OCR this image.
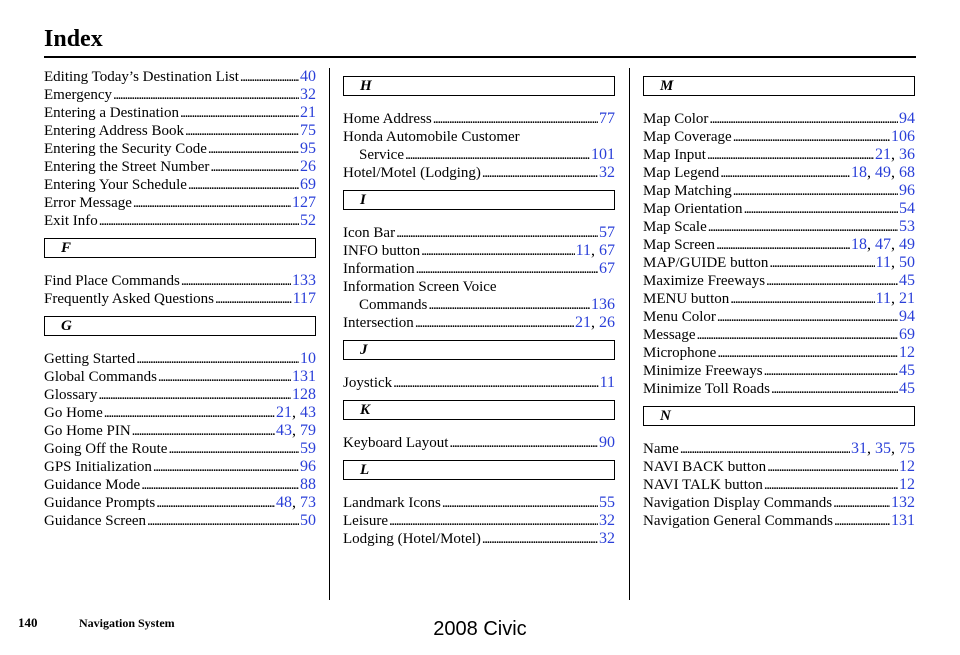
Index
Editing Today’s Destination List . . .	40
Emergency . . .	32
Entering a Destination . . .	21
Entering Address Book . . .	75
Entering the Security Code . . .	95
Entering the Street Number . . .	26
Entering Your Schedule . . .	69
Error Message . . .	127
Exit Info . . .	52
F
Find Place Commands . . .	133
Frequently Asked Questions . . .	117
G
Getting Started . . .	10
Global Commands . . .	131
Glossary . . .	128
Go Home . . .	21, 43
Go Home PIN . . .	43, 79
Going Off the Route . . .	59
GPS Initialization . . .	96
Guidance Mode . . .	88
Guidance Prompts . . .	48, 73
Guidance Screen . . .	50
H
Home Address . . .	77
Honda Automobile Customer
Service . . .	101
Hotel/Motel (Lodging) . . .	32
I
Icon Bar . . .	57
INFO button . . .	11, 67
Information . . .	67
Information Screen Voice
Commands . . .	136
Intersection . . .	21, 26
J
Joystick . . .	11
K
Keyboard Layout . . .	90
L
Landmark Icons . . .	55
Leisure . . .	32
Lodging (Hotel/Motel) . . .	32
M
Map Color . . .	94
Map Coverage . . .	106
Map Input . . .	21, 36
Map Legend . . .	18, 49, 68
Map Matching . . .	96
Map Orientation . . .	54
Map Scale . . .	53
Map Screen . . .	18, 47, 49
MAP/GUIDE button . . .	11, 50
Maximize Freeways . . .	45
MENU button . . .	11, 21
Menu Color . . .	94
Message . . .	69
Microphone . . .	12
Minimize Freeways . . .	45
Minimize Toll Roads . . .	45
N
Name . . .	31, 35, 75
NAVI BACK button . . .	12
NAVI TALK button . . .	12
Navigation Display Commands . . .	132
Navigation General Commands . . .	131
140	Navigation System	2008 Civic
